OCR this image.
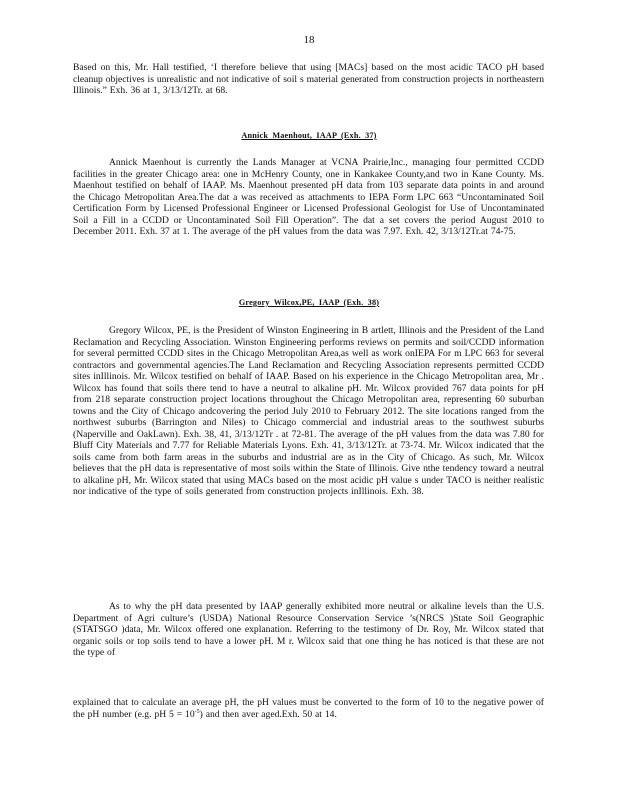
18

Based on this, Mr. Hall testified, ‘I therefore believe that using [MACs] based on the most acidic TACO pH based cleanup objectives is unrealistic and not indicative of soil s material generated from construction projects in northeastern Illinois.” Exh. 36 at 1, 3/13/12Tr. at 68.

Annick Maenhout, IAAP (Exh. 37)

Annick Maenhout is currently the Lands Manager at VCNA Prairie,Inc., managing four permitted CCDD facilities in the greater Chicago area: one in McHenry County, one in Kankakee County,and two in Kane County. Ms. Maenhout testified on behalf of IAAP. Ms. Maenhout presented pH data from 103 separate data points in and around the Chicago Metropolitan Area.The dat a was received as attachments to IEPA Form LPC 663 “Uncontaminated Soil Certification Form by Licensed Professional Engineer or Licensed Professional Geologist for Use of Uncontaminated Soil a Fill in a CCDD or Uncontaminated Soil Fill Operation”. The dat a set covers the period August 2010 to December 2011. Exh. 37 at 1. The average of the pH values from the data was 7.97. Exh. 42, 3/13/12Tr.at 74-75.

Gregory Wilcox,PE, IAAP (Exh. 38)

Gregory Wilcox, PE, is the President of Winston Engineering in B artlett, Illinois and the President of the Land Reclamation and Recycling Association. Winston Engineering performs reviews on permits and soil/CCDD information for several permitted CCDD sites in the Chicago Metropolitan Area,as well as work onIEPA For m LPC 663 for several contractors and governmental agencies.The Land Reclamation and Recycling Association represents permitted CCDD sites inIllinois. Mr. Wilcox testified on behalf of IAAP. Based on his experience in the Chicago Metropolitan area, Mr . Wilcox has found that soils there tend to have a neutral to alkaline pH. Mr. Wilcox provided 767 data points for pH from 218 separate construction project locations throughout the Chicago Metropolitan area, representing 60 suburban towns and the City of Chicago andcovering the period July 2010 to February 2012. The site locations ranged from the northwest suburbs (Barrington and Niles) to Chicago commercial and industrial areas to the southwest suburbs (Naperville and OakLawn). Exh. 38, 41, 3/13/12Tr . at 72-81. The average of the pH values from the data was 7.80 for Bluff City Materials and 7.77 for Reliable Materials Lyons. Exh. 41, 3/13/12Tr. at 73-74. Mr. Wilcox indicated that the soils came from both farm areas in the suburbs and industrial are as in the City of Chicago. As such, Mr. Wilcox believes that the pH data is representative of most soils within the State of Illinois. Give nthe tendency toward a neutral to alkaline pH, Mr. Wilcox stated that using MACs based on the most acidic pH value s under TACO is neither realistic nor indicative of the type of soils generated from construction projects inIllinois. Exh. 38.

As to why the pH data presented by IAAP generally exhibited more neutral or alkaline levels than the U.S. Department of Agri culture’s (USDA) National Resource Conservation Service ’s(NRCS )State Soil Geographic (STATSGO )data, Mr. Wilcox offered one explanation. Referring to the testimony of Dr. Roy, Mr. Wilcox stated that organic soils or top soils tend to have a lower pH. M r. Wilcox said that one thing he has noticed is that these are not the type of

explained that to calculate an average pH, the pH values must be converted to the form of 10 to the negative power of the pH number (e.g. pH $5 = 10^{-5}$) and then aver aged.Exh. 50 at 14.
